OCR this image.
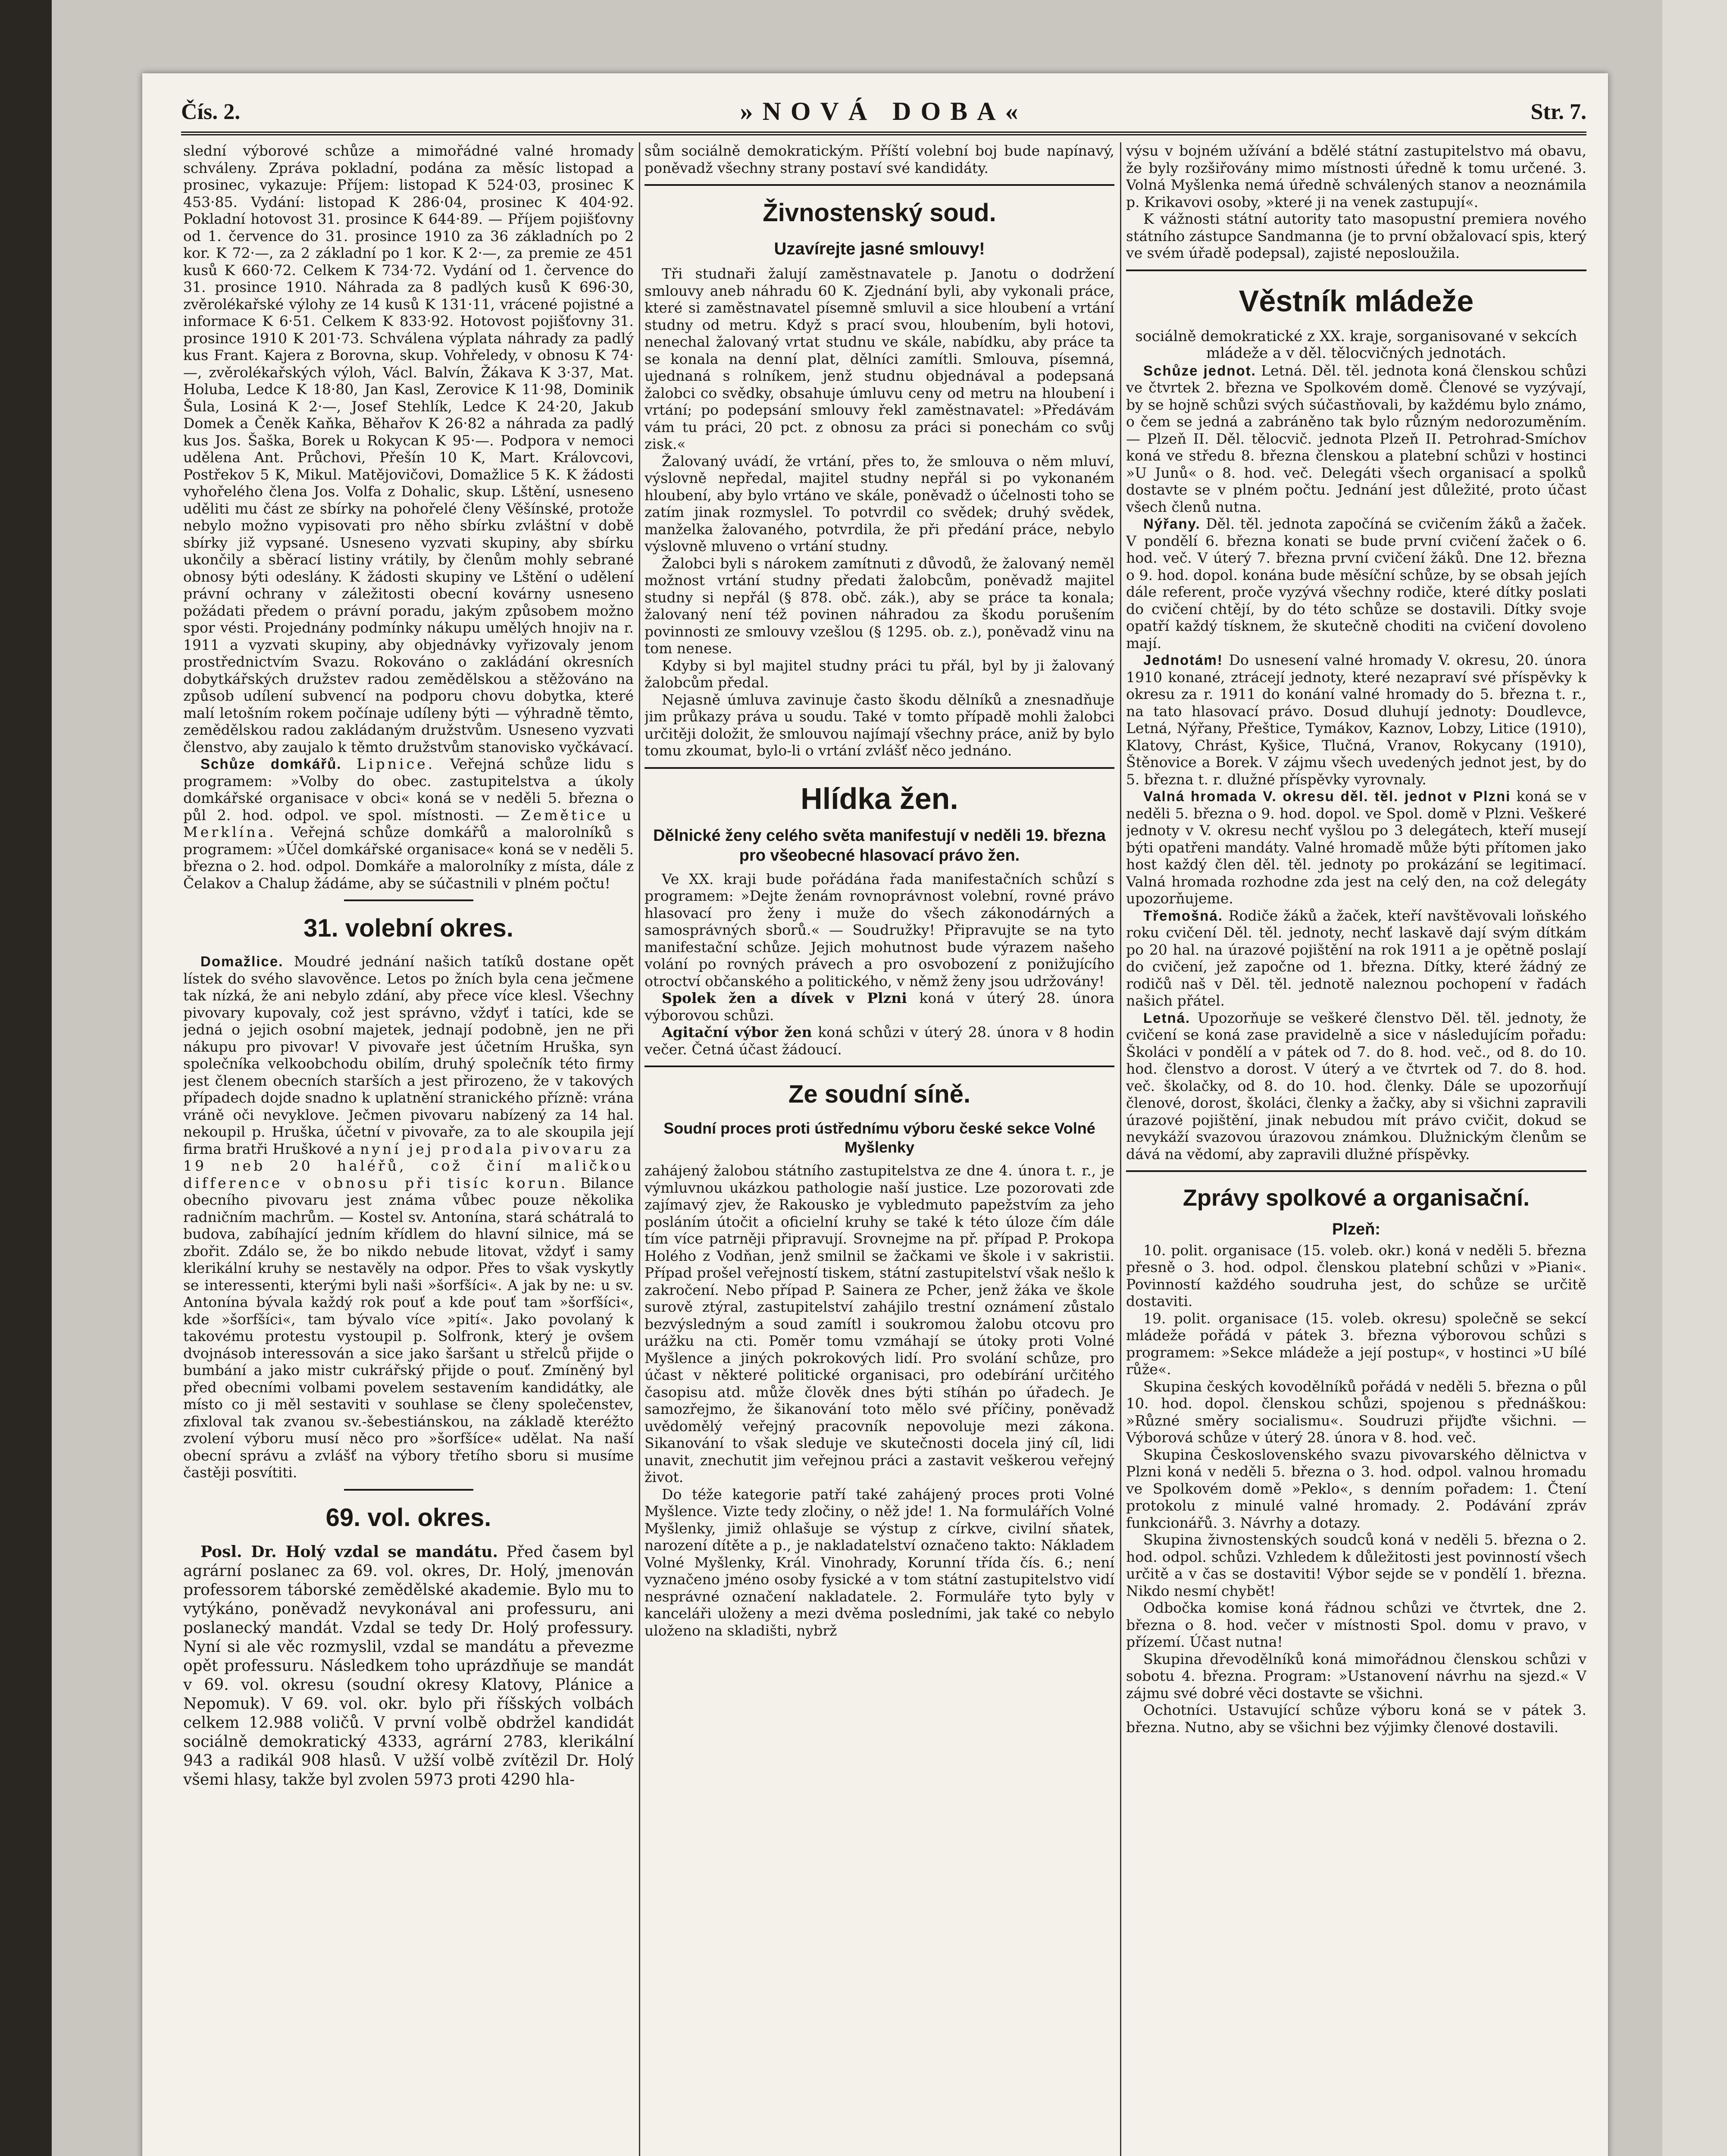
Čís. 2.	»NOVÁ DOBA«	Str. 7.

slední výborové schůze a mimořádné valné hromady schváleny. Zpráva pokladní, podána za měsíc listopad a prosinec, vykazuje: Příjem: listopad K 524·03, prosinec K 453·85. Vydání: listopad K 286·04, prosinec K 404·92. Pokladní hotovost 31. prosince K 644·89. — Příjem pojišťovny od 1. července do 31. prosince 1910 za 36 základních po 2 kor. K 72·—, za 2 základní po 1 kor. K 2·—, za premie ze 451 kusů K 660·72. Celkem K 734·72. Vydání od 1. července do 31. prosince 1910. Náhrada za 8 padlých kusů K 696·30, zvěrolékařské výlohy ze 14 kusů K 131·11, vrácené pojistné a informace K 6·51. Celkem K 833·92. Hotovost pojišťovny 31. prosince 1910 K 201·73. Schválena výplata náhrady za padlý kus Frant. Kajera z Borovna, skup. Vohřeledy, v obnosu K 74·—, zvěrolékařských výloh, Václ. Balvín, Žákava K 3·37, Mat. Holuba, Ledce K 18·80, Jan Kasl, Zerovice K 11·98, Dominik Šula, Losiná K 2·—, Josef Stehlík, Ledce K 24·20, Jakub Domek a Čeněk Kaňka, Běhařov K 26·82 a náhrada za padlý kus Jos. Šaška, Borek u Rokycan K 95·—. Podpora v nemoci udělena Ant. Průchovi, Přešín 10 K, Mart. Královcovi, Postřekov 5 K, Mikul. Matějovičovi, Domažlice 5 K. K žádosti vyhořelého člena Jos. Volfa z Dohalic, skup. Lštění, usneseno uděliti mu část ze sbírky na pohořelé členy Věšínské, protože nebylo možno vypisovati pro něho sbírku zvláštní v době sbírky již vypsané. Usneseno vyzvati skupiny, aby sbírku ukončily a sběrací listiny vrátily, by členům mohly sebrané obnosy býti odeslány. K žádosti skupiny ve Lštění o udělení právní ochrany v záležitosti obecní kovárny usneseno požádati předem o právní poradu, jakým způsobem možno spor vésti. Projednány podmínky nákupu umělých hnojiv na r. 1911 a vyzvati skupiny, aby objednávky vyřizovaly jenom prostřednictvím Svazu. Rokováno o zakládání okresních dobytkářských družstev radou zemědělskou a stěžováno na způsob udílení subvencí na podporu chovu dobytka, které malí letošním rokem počínaje udíleny býti — výhradně těmto, zemědělskou radou zakládaným družstvům. Usneseno vyzvati členstvo, aby zaujalo k těmto družstvům stanovisko vyčkávací.

Schůze domkářů. Lipnice. Veřejná schůze lidu s programem: »Volby do obec. zastupitelstva a úkoly domkářské organisace v obci« koná se v neděli 5. března o půl 2. hod. odpol. ve spol. místnosti. — Zemětice u Merklína. Veřejná schůze domkářů a malorolníků s programem: »Účel domkářské organisace« koná se v neděli 5. března o 2. hod. odpol. Domkáře a malorolníky z místa, dále z Čelakov a Chalup žádáme, aby se súčastnili v plném počtu!

31. volební okres.

Domažlice. Moudré jednání našich tatíků dostane opět lístek do svého slavověnce. Letos po žních byla cena ječmene tak nízká, že ani nebylo zdání, aby přece více klesl. Všechny pivovary kupovaly, což jest správno, vždyť i tatíci, kde se jedná o jejich osobní majetek, jednají podobně, jen ne při nákupu pro pivovar! V pivovaře jest účetním Hruška, syn společníka velkoobchodu obilím, druhý společník této firmy jest členem obecních starších a jest přirozeno, že v takových případech dojde snadno k uplatnění stranického přízně: vrána vráně oči nevyklove. Ječmen pivovaru nabízený za 14 hal. nekoupil p. Hruška, účetní v pivovaře, za to ale skoupila její firma bratři Hruškové a nyní jej prodala pivovaru za 19 neb 20 haléřů, což činí maličkou difference v obnosu při tisíc korun. Bilance obecního pivovaru jest známa vůbec pouze několika radničním machrům. — Kostel sv. Antonína, stará schátralá to budova, zabíhající jedním křídlem do hlavní silnice, má se zbořit. Zdálo se, že bo nikdo nebude litovat, vždyť i samy klerikální kruhy se nestavěly na odpor. Přes to však vyskytly se interessenti, kterými byli naši »šorfšíci«. A jak by ne: u sv. Antonína bývala každý rok pouť a kde pouť tam »šorfšíci«, kde »šorfšíci«, tam bývalo více »pití«. Jako povolaný k takovému protestu vystoupil p. Solfronk, který je ovšem dvojnásob interessován a sice jako šaršant u střelců přijde o bumbání a jako mistr cukrářský přijde o pouť. Zmíněný byl před obecními volbami povelem sestavením kandidátky, ale místo co ji měl sestaviti v souhlase se členy společenstev, zfixloval tak zvanou sv.-šebestiánskou, na základě kteréžto zvolení výboru musí něco pro »šorfšíce« udělat. Na naší obecní správu a zvlášť na výbory třetího sboru si musíme častěji posvítiti.

69. vol. okres.

Posl. Dr. Holý vzdal se mandátu. Před časem byl agrární poslanec za 69. vol. okres, Dr. Holý, jmenován professorem táborské zemědělské akademie. Bylo mu to vytýkáno, poněvadž nevykonával ani professuru, ani poslanecký mandát. Vzdal se tedy Dr. Holý professury. Nyní si ale věc rozmyslil, vzdal se mandátu a převezme opět professuru. Následkem toho uprázdňuje se mandát v 69. vol. okresu (soudní okresy Klatovy, Plánice a Nepomuk). V 69. vol. okr. bylo při říšských volbách celkem 12.988 voličů. V první volbě obdržel kandidát sociálně demokratický 4333, agrární 2783, klerikální 943 a radikál 908 hlasů. V užší volbě zvítězil Dr. Holý všemi hlasy, takže byl zvolen 5973 proti 4290 hla-

sům sociálně demokratickým. Příští volební boj bude napínavý, poněvadž všechny strany postaví své kandidáty.

Živnostenský soud.
Uzavírejte jasné smlouvy!

Tři studnaři žalují zaměstnavatele p. Janotu o dodržení smlouvy aneb náhradu 60 K. Zjednání byli, aby vykonali práce, které si zaměstnavatel písemně smluvil a sice hloubení a vrtání studny od metru. Když s prací svou, hloubením, byli hotovi, nenechal žalovaný vrtat studnu ve skále, nabídku, aby práce ta se konala na denní plat, dělníci zamítli. Smlouva, písemná, ujednaná s rolníkem, jenž studnu objednával a podepsaná žalobci co svědky, obsahuje úmluvu ceny od metru na hloubení i vrtání; po podepsání smlouvy řekl zaměstnavatel: »Předávám vám tu práci, 20 pct. z obnosu za práci si ponechám co svůj zisk.«

Žalovaný uvádí, že vrtání, přes to, že smlouva o něm mluví, výslovně nepředal, majitel studny nepřál si po vykonaném hloubení, aby bylo vrtáno ve skále, poněvadž o účelnosti toho se zatím jinak rozmyslel. To potvrdil co svědek; druhý svědek, manželka žalovaného, potvrdila, že při předání práce, nebylo výslovně mluveno o vrtání studny.

Žalobci byli s nárokem zamítnuti z důvodů, že žalovaný neměl možnost vrtání studny předati žalobcům, poněvadž majitel studny si nepřál (§ 878. obč. zák.), aby se práce ta konala; žalovaný není též povinen náhradou za škodu porušením povinnosti ze smlouvy vzešlou (§ 1295. ob. z.), poněvadž vinu na tom nenese.

Kdyby si byl majitel studny práci tu přál, byl by ji žalovaný žalobcům předal.

Nejasně úmluva zavinuje často škodu dělníků a znesnadňuje jim průkazy práva u soudu. Také v tomto případě mohli žalobci určitěji doložit, že smlouvou najímají všechny práce, aniž by bylo tomu zkoumat, bylo-li o vrtání zvlášť něco jednáno.

Hlídka žen.
Dělnické ženy celého světa manifestují v neděli 19. března pro všeobecné hlasovací právo žen.

Ve XX. kraji bude pořádána řada manifestačních schůzí s programem: »Dejte ženám rovnoprávnost volební, rovné právo hlasovací pro ženy i muže do všech zákonodárných a samosprávných sborů.« — Soudružky! Připravujte se na tyto manifestační schůze. Jejich mohutnost bude výrazem našeho volání po rovných právech a pro osvobození z ponižujícího otroctví občanského a politického, v němž ženy jsou udržovány!

Spolek žen a dívek v Plzni koná v úterý 28. února výborovou schůzi.

Agitační výbor žen koná schůzi v úterý 28. února v 8 hodin večer. Četná účast žádoucí.

Ze soudní síně.
Soudní proces proti ústřednímu výboru české sekce Volné Myšlenky

zahájený žalobou státního zastupitelstva ze dne 4. února t. r., je výmluvnou ukázkou pathologie naší justice. Lze pozorovati zde zajímavý zjev, že Rakousko je vybledmuto papežstvím za jeho posláním útočit a oficielní kruhy se také k této úloze čím dále tím více patrněji připravují. Srovnejme na př. případ P. Prokopa Holého z Vodňan, jenž smilnil se žačkami ve škole i v sakristii. Případ prošel veřejností tiskem, státní zastupitelství však nešlo k zakročení. Nebo případ P. Sainera ze Pcher, jenž žáka ve škole surově ztýral, zastupitelství zahájilo trestní oznámení zůstalo bezvýsledným a soud zamítl i soukromou žalobu otcovu pro urážku na cti. Poměr tomu vzmáhají se útoky proti Volné Myšlence a jiných pokrokových lidí. Pro svolání schůze, pro účast v některé politické organisaci, pro odebírání určitého časopisu atd. může člověk dnes býti stíhán po úřadech. Je samozřejmo, že šikanování toto mělo své příčiny, poněvadž uvědomělý veřejný pracovník nepovoluje mezi zákona. Sikanování to však sleduje ve skutečnosti docela jiný cíl, lidi unavit, znechutit jim veřejnou práci a zastavit veškerou veřejný život.

Do téže kategorie patří také zahájený proces proti Volné Myšlence. Vizte tedy zločiny, o něž jde! 1. Na formulářích Volné Myšlenky, jimiž ohlašuje se výstup z církve, civilní sňatek, narození dítěte a p., je nakladatelství označeno takto: Nákladem Volné Myšlenky, Král. Vinohrady, Korunní třída čís. 6.; není vyznačeno jméno osoby fysické a v tom státní zastupitelstvo vidí nesprávné označení nakladatele. 2. Formuláře tyto byly v kanceláři uloženy a mezi dvěma posledními, jak také co nebylo uloženo na skladišti, nybrž

výsu v bojném užívání a bdělé státní zastupitelstvo má obavu, že byly rozšiřovány mimo místnosti úředně k tomu určené. 3. Volná Myšlenka nemá úředně schválených stanov a neoznámila p. Krikavovi osoby, »které ji na venek zastupují«.

K vážnosti státní autority tato masopustní premiera nového státního zástupce Sandmanna (je to první obžalovací spis, který ve svém úřadě podepsal), zajisté neposloužila.

Věstník mládeže

sociálně demokratické z XX. kraje, sorganisované v sekcích mládeže a v děl. tělocvičných jednotách.

Schůze jednot. Letná. Děl. těl. jednota koná členskou schůzi ve čtvrtek 2. března ve Spolkovém domě. Členové se vyzývají, by se hojně schůzi svých súčastňovali, by každému bylo známo, o čem se jedná a zabráněno tak bylo různým nedorozuměním. — Plzeň II. Děl. tělocvič. jednota Plzeň II. Petrohrad-Smíchov koná ve středu 8. března členskou a platební schůzi v hostinci »U Junů« o 8. hod. več. Delegáti všech organisací a spolků dostavte se v plném počtu. Jednání jest důležité, proto účast všech členů nutna.

Nýřany. Děl. těl. jednota započíná se cvičením žáků a žaček. V pondělí 6. března konati se bude první cvičení žaček o 6. hod. več. V úterý 7. března první cvičení žáků. Dne 12. března o 9. hod. dopol. konána bude měsíční schůze, by se obsah jejích dále referent, proče vyzývá všechny rodiče, které dítky poslati do cvičení chtějí, by do této schůze se dostavili. Dítky svoje opatří každý tísknem, že skutečně choditi na cvičení dovoleno mají.

Jednotám! Do usnesení valné hromady V. okresu, 20. února 1910 konané, ztrácejí jednoty, které nezapraví své příspěvky k okresu za r. 1911 do konání valné hromady do 5. března t. r., na tato hlasovací právo. Dosud dluhují jednoty: Doudlevce, Letná, Nýřany, Přeštice, Tymákov, Kaznov, Lobzy, Litice (1910), Klatovy, Chrást, Kyšice, Tlučná, Vranov, Rokycany (1910), Štěnovice a Borek. V zájmu všech uvedených jednot jest, by do 5. března t. r. dlužné příspěvky vyrovnaly.

Valná hromada V. okresu děl. těl. jednot v Plzni koná se v neděli 5. března o 9. hod. dopol. ve Spol. domě v Plzni. Veškeré jednoty v V. okresu nechť vyšlou po 3 delegátech, kteří musejí býti opatřeni mandáty. Valné hromadě může býti přítomen jako host každý člen děl. těl. jednoty po prokázání se legitimací. Valná hromada rozhodne zda jest na celý den, na což delegáty upozorňujeme.

Třemošná. Rodiče žáků a žaček, kteří navštěvovali loňského roku cvičení Děl. těl. jednoty, nechť laskavě dají svým dítkám po 20 hal. na úrazové pojištění na rok 1911 a je opětně poslají do cvičení, jež započne od 1. března. Dítky, které žádný ze rodičů naš v Děl. těl. jednotě naleznou pochopení v řadách našich přátel.

Letná. Upozorňuje se veškeré členstvo Děl. těl. jednoty, že cvičení se koná zase pravidelně a sice v následujícím pořadu: Školáci v pondělí a v pátek od 7. do 8. hod. več., od 8. do 10. hod. členstvo a dorost. V úterý a ve čtvrtek od 7. do 8. hod. več. školačky, od 8. do 10. hod. členky. Dále se upozorňují členové, dorost, školáci, členky a žačky, aby si všichni zapravili úrazové pojištění, jinak nebudou mít právo cvičit, dokud se nevykáží svazovou úrazovou známkou. Dlužnickým členům se dává na vědomí, aby zapravili dlužné příspěvky.

Zprávy spolkové a organisační.
Plzeň:

10. polit. organisace (15. voleb. okr.) koná v neděli 5. března přesně o 3. hod. odpol. členskou platební schůzi v »Piani«. Povinností každého soudruha jest, do schůze se určitě dostaviti.

19. polit. organisace (15. voleb. okresu) společně se sekcí mládeže pořádá v pátek 3. března výborovou schůzi s programem: »Sekce mládeže a její postup«, v hostinci »U bílé růže«.

Skupina českých kovodělníků pořádá v neděli 5. března o půl 10. hod. dopol. členskou schůzi, spojenou s přednáškou: »Různé směry socialismu«. Soudruzi přijďte všichni. — Výborová schůze v úterý 28. února v 8. hod. več.

Skupina Československého svazu pivovarského dělnictva v Plzni koná v neděli 5. března o 3. hod. odpol. valnou hromadu ve Spolkovém domě »Peklo«, s denním pořadem: 1. Čtení protokolu z minulé valné hromady. 2. Podávání zpráv funkcionářů. 3. Návrhy a dotazy.

Skupina živnostenských soudců koná v neděli 5. března o 2. hod. odpol. schůzi. Vzhledem k důležitosti jest povinností všech určitě a v čas se dostaviti! Výbor sejde se v pondělí 1. března. Nikdo nesmí chybět!

Odbočka komise koná řádnou schůzi ve čtvrtek, dne 2. března o 8. hod. večer v místnosti Spol. domu v pravo, v přízemí. Účast nutna!

Skupina dřevodělníků koná mimořádnou členskou schůzi v sobotu 4. března. Program: »Ustanovení návrhu na sjezd.« V zájmu své dobré věci dostavte se všichni.

Ochotníci. Ustavující schůze výboru koná se v pátek 3. března. Nutno, aby se všichni bez výjimky členové dostavili.
